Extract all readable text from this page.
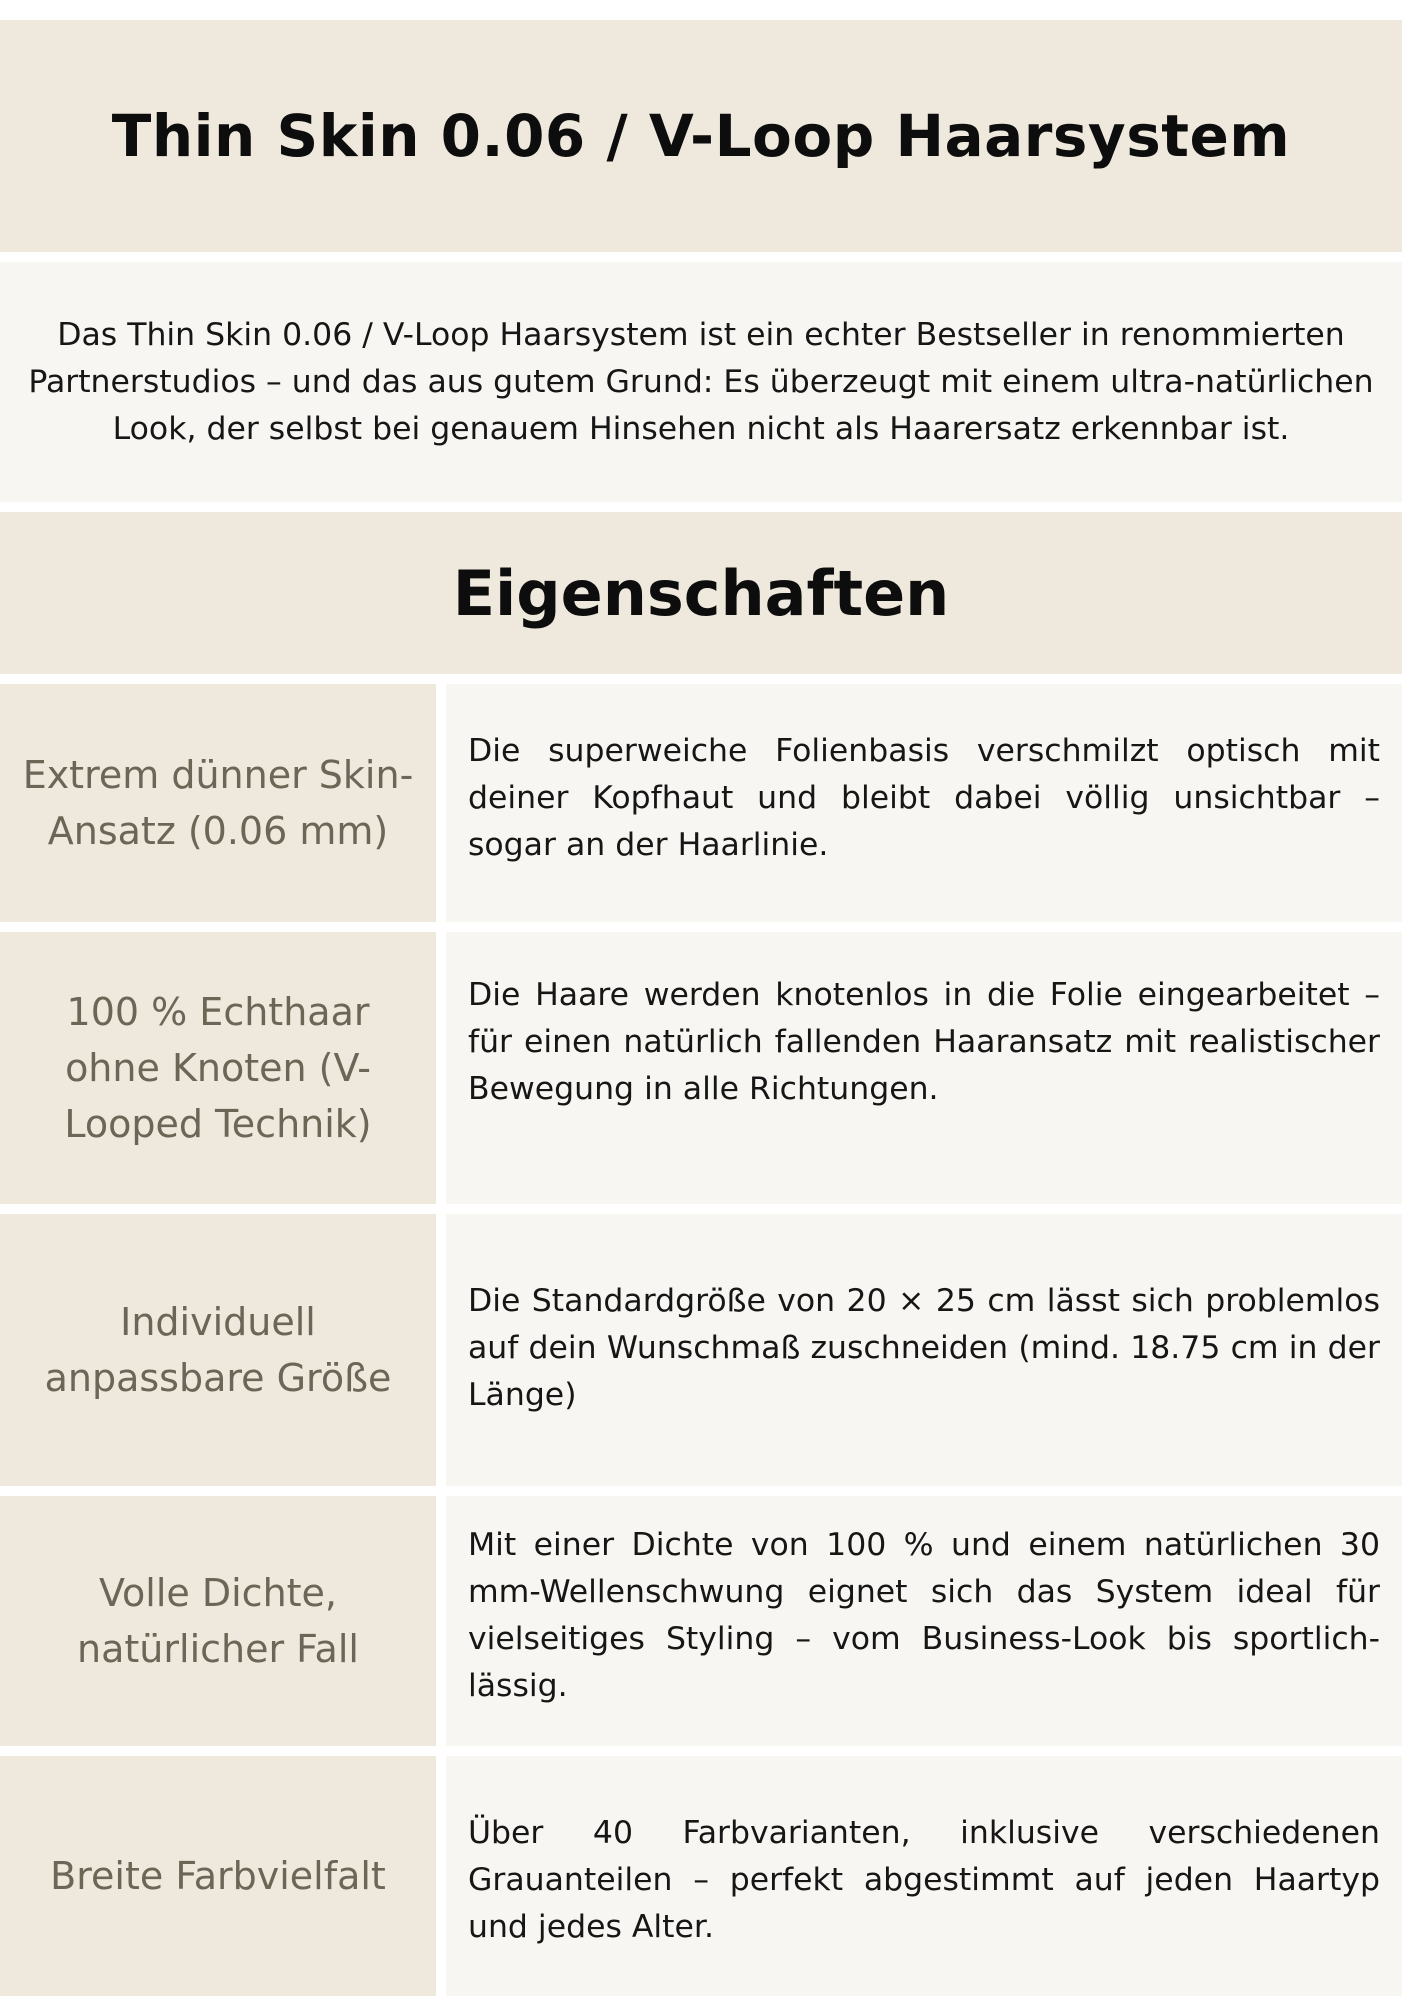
Thin Skin 0.06 / V-Loop Haarsystem

Das Thin Skin 0.06 / V-Loop Haarsystem ist ein echter Bestseller in renommierten Partnerstudios – und das aus gutem Grund: Es überzeugt mit einem ultra-natürlichen Look, der selbst bei genauem Hinsehen nicht als Haarersatz erkennbar ist.

Eigenschaften
Extrem dünner Skin-Ansatz (0.06 mm)
Die superweiche Folienbasis verschmilzt optisch mit deiner Kopfhaut und bleibt dabei völlig unsichtbar – sogar an der Haarlinie.
100 % Echthaar ohne Knoten (V-Looped Technik)
Die Haare werden knotenlos in die Folie eingearbeitet – für einen natürlich fallenden Haaransatz mit realistischer Bewegung in alle Richtungen.
Individuell anpassbare Größe
Die Standardgröße von 20 × 25 cm lässt sich problemlos auf dein Wunschmaß zuschneiden (mind. 18.75 cm in der Länge)
Volle Dichte, natürlicher Fall
Mit einer Dichte von 100 % und einem natürlichen 30 mm-Wellenschwung eignet sich das System ideal für vielseitiges Styling – vom Business-Look bis sportlich-lässig.
Breite Farbvielfalt
Über 40 Farbvarianten, inklusive verschiedenen Grauanteilen – perfekt abgestimmt auf jeden Haartyp und jedes Alter.
